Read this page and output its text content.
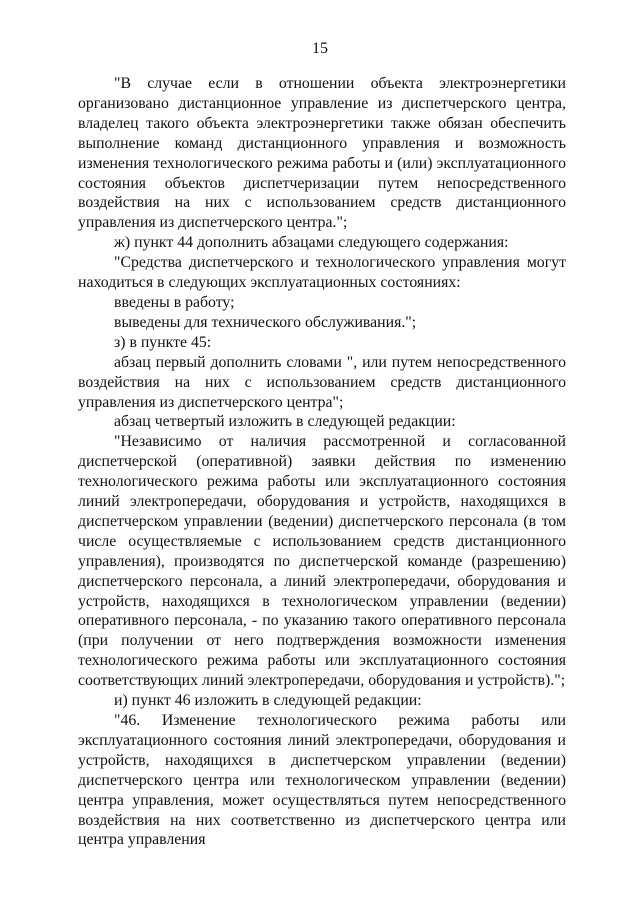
15

"В случае если в отношении объекта электроэнергетики организовано дистанционное управление из диспетчерского центра, владелец такого объекта электроэнергетики также обязан обеспечить выполнение команд дистанционного управления и возможность изменения технологического режима работы и (или) эксплуатационного состояния объектов диспетчеризации путем непосредственного воздействия на них с использованием средств дистанционного управления из диспетчерского центра.";

ж) пункт 44 дополнить абзацами следующего содержания:

"Средства диспетчерского и технологического управления могут находиться в следующих эксплуатационных состояниях:

введены в работу;

выведены для технического обслуживания.";

з) в пункте 45:

абзац первый дополнить словами ", или путем непосредственного воздействия на них с использованием средств дистанционного управления из диспетчерского центра";

абзац четвертый изложить в следующей редакции:

"Независимо от наличия рассмотренной и согласованной диспетчерской (оперативной) заявки действия по изменению технологического режима работы или эксплуатационного состояния линий электропередачи, оборудования и устройств, находящихся в диспетчерском управлении (ведении) диспетчерского персонала (в том числе осуществляемые с использованием средств дистанционного управления), производятся по диспетчерской команде (разрешению) диспетчерского персонала, а линий электропередачи, оборудования и устройств, находящихся в технологическом управлении (ведении) оперативного персонала, - по указанию такого оперативного персонала (при получении от него подтверждения возможности изменения технологического режима работы или эксплуатационного состояния соответствующих линий электропередачи, оборудования и устройств).";

и) пункт 46 изложить в следующей редакции:

"46. Изменение технологического режима работы или эксплуатационного состояния линий электропередачи, оборудования и устройств, находящихся в диспетчерском управлении (ведении) диспетчерского центра или технологическом управлении (ведении) центра управления, может осуществляться путем непосредственного воздействия на них соответственно из диспетчерского центра или центра управления
